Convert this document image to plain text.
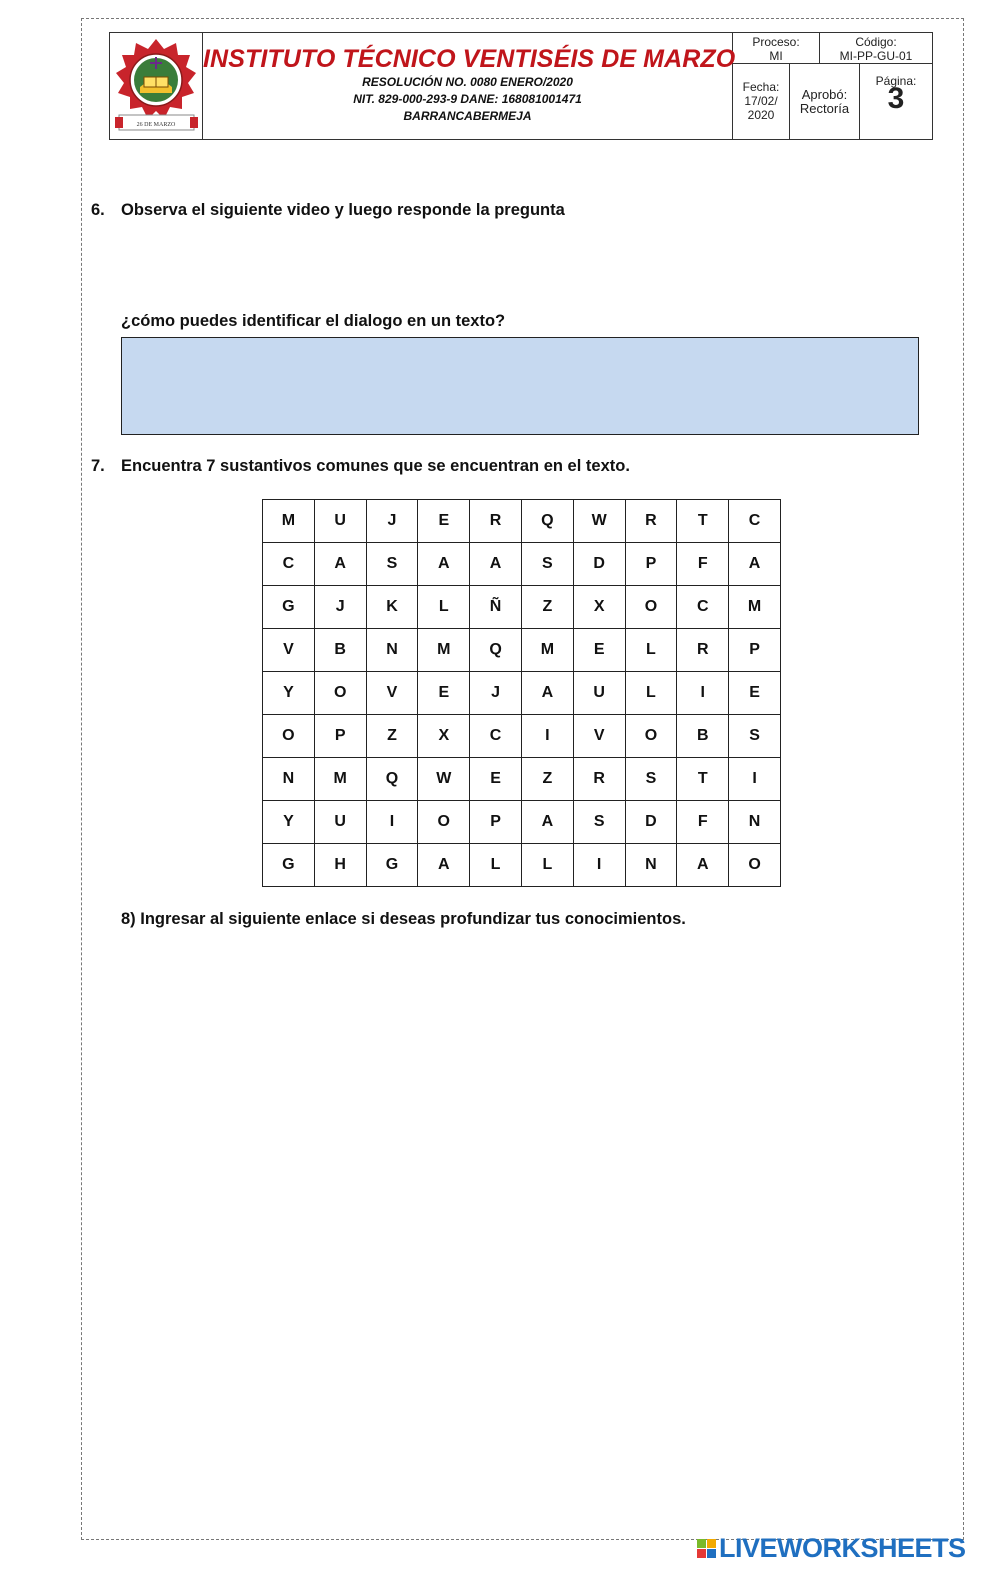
26 DE MARZO
INSTITUTO TÉCNICO VENTISÉIS DE MARZO
RESOLUCIÓN NO. 0080 ENERO/2020
NIT. 829-000-293-9 DANE: 168081001471
BARRANCABERMEJA
Proceso:
MI
Código:
MI-PP-GU-01
Fecha:
17/02/
2020
Aprobó:
Rectoría
Página:
3
6. Observa el siguiente video y luego responde la pregunta
¿cómo puedes identificar el dialogo en un texto?
7. Encuentra 7 sustantivos comunes que se encuentran en el texto.
M	U	J	E	R	Q	W	R	T	C
C	A	S	A	A	S	D	P	F	A
G	J	K	L	Ñ	Z	X	O	C	M
V	B	N	M	Q	M	E	L	R	P
Y	O	V	E	J	A	U	L	I	E
O	P	Z	X	C	I	V	O	B	S
N	M	Q	W	E	Z	R	S	T	I
Y	U	I	O	P	A	S	D	F	N
G	H	G	A	L	L	I	N	A	O
8) Ingresar al siguiente enlace si deseas profundizar tus conocimientos.
LIVEWORKSHEETS
